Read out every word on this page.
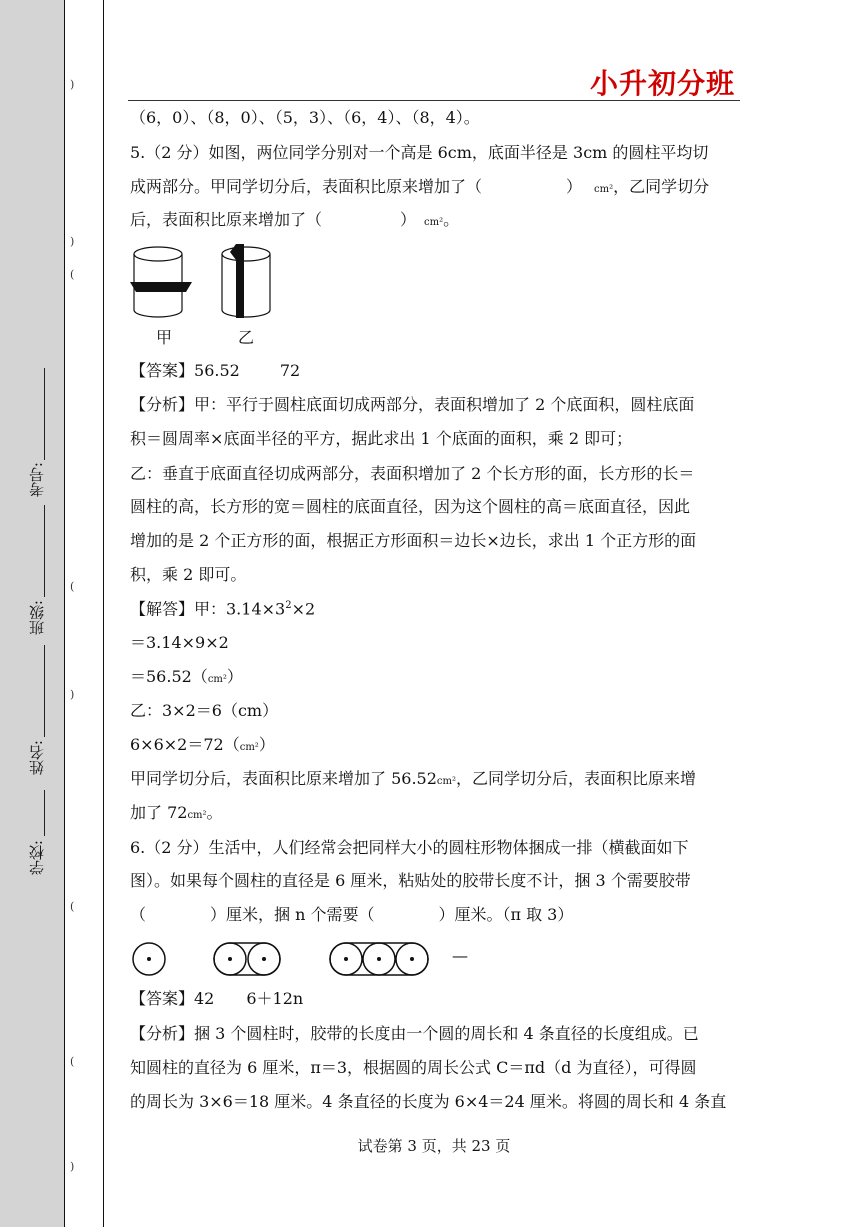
考号:
班级:
姓名:
学校:
)
(
)
(
)
(
)
(
小升初分班
（6，0）、（8，0）、（5，3）、（6，4）、（8，4）。
5.（2 分）如图，两位同学分别对一个高是 6cm，底面半径是 3cm 的圆柱平均切
成两部分。甲同学切分后，表面积比原来增加了（	） cm²，乙同学切分
后，表面积比原来增加了（	） cm²。
甲	乙
【答案】56.52	72
【分析】甲：平行于圆柱底面切成两部分，表面积增加了 2 个底面积，圆柱底面
积＝圆周率×底面半径的平方，据此求出 1 个底面的面积，乘 2 即可；
乙：垂直于底面直径切成两部分，表面积增加了 2 个长方形的面，长方形的长＝
圆柱的高，长方形的宽＝圆柱的底面直径，因为这个圆柱的高＝底面直径，因此
增加的是 2 个正方形的面，根据正方形面积＝边长×边长，求出 1 个正方形的面
积，乘 2 即可。
【解答】甲：$3.14\times 3^2\times 2$
＝3.14×9×2
＝56.52（cm²）
乙：3×2＝6（cm）
6×6×2＝72（cm²）
甲同学切分后，表面积比原来增加了 56.52cm²，乙同学切分后，表面积比原来增
加了 72cm²。
6.（2 分）生活中，人们经常会把同样大小的圆柱形物体捆成一排（横截面如下
图）。如果每个圆柱的直径是 6 厘米，粘贴处的胶带长度不计，捆 3 个需要胶带
（　　　　）厘米，捆 n 个需要（　　　　）厘米。（π 取 3）
—
【答案】42　　6＋12n
【分析】捆 3 个圆柱时，胶带的长度由一个圆的周长和 4 条直径的长度组成。已
知圆柱的直径为 6 厘米，π＝3，根据圆的周长公式 C＝πd（d 为直径），可得圆
的周长为 3×6＝18 厘米。4 条直径的长度为 6×4＝24 厘米。将圆的周长和 4 条直
试卷第 3 页，共 23 页
